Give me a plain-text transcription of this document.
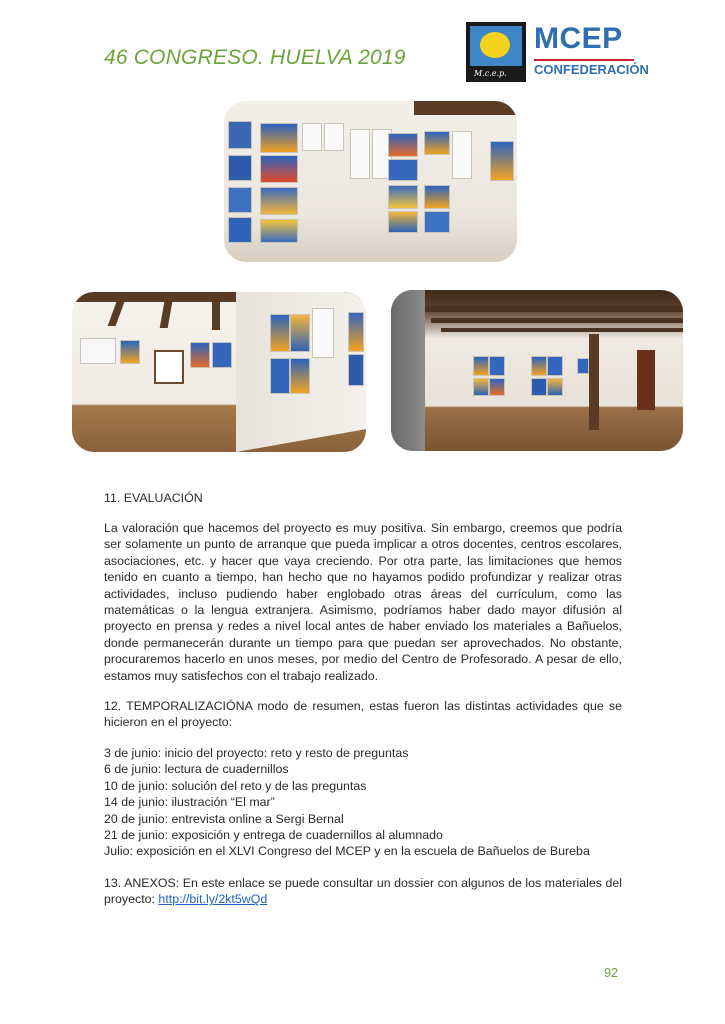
46 CONGRESO. HUELVA 2019
M.c.e.p.
MCEP
CONFEDERACIÓN
11. EVALUACIÓN
La valoración que hacemos del proyecto es muy positiva. Sin embargo, creemos que podría ser solamente un punto de arranque que pueda implicar a otros docentes, centros escolares, asociaciones, etc. y hacer que vaya creciendo. Por otra parte, las limitaciones que hemos tenido en cuanto a tiempo, han hecho que no hayamos podido profundizar y realizar otras actividades, incluso pudiendo haber englobado otras áreas del currículum, como las matemáticas o la lengua extranjera. Asimismo, podríamos haber dado mayor difusión al proyecto en prensa y redes a nivel local antes de haber enviado los materiales a Bañuelos, donde permanecerán durante un tiempo para que puedan ser aprovechados. No obstante, procuraremos hacerlo en unos meses, por medio del Centro de Profesorado. A pesar de ello, estamos muy satisfechos con el trabajo realizado.
12. TEMPORALIZACIÓNA modo de resumen, estas fueron las distintas actividades que se hicieron en el proyecto:
3 de junio: inicio del proyecto: reto y resto de preguntas
6 de junio: lectura de cuadernillos
10 de junio: solución del reto y de las preguntas
14 de junio: ilustración “El mar”
20 de junio: entrevista online a Sergi Bernal
21 de junio: exposición y entrega de cuadernillos al alumnado
Julio: exposición en el XLVI Congreso del MCEP y en la escuela de Bañuelos de Bureba
13. ANEXOS: En este enlace se puede consultar un dossier con algunos de los materiales del proyecto: http://bit.ly/2kt5wQd
92
